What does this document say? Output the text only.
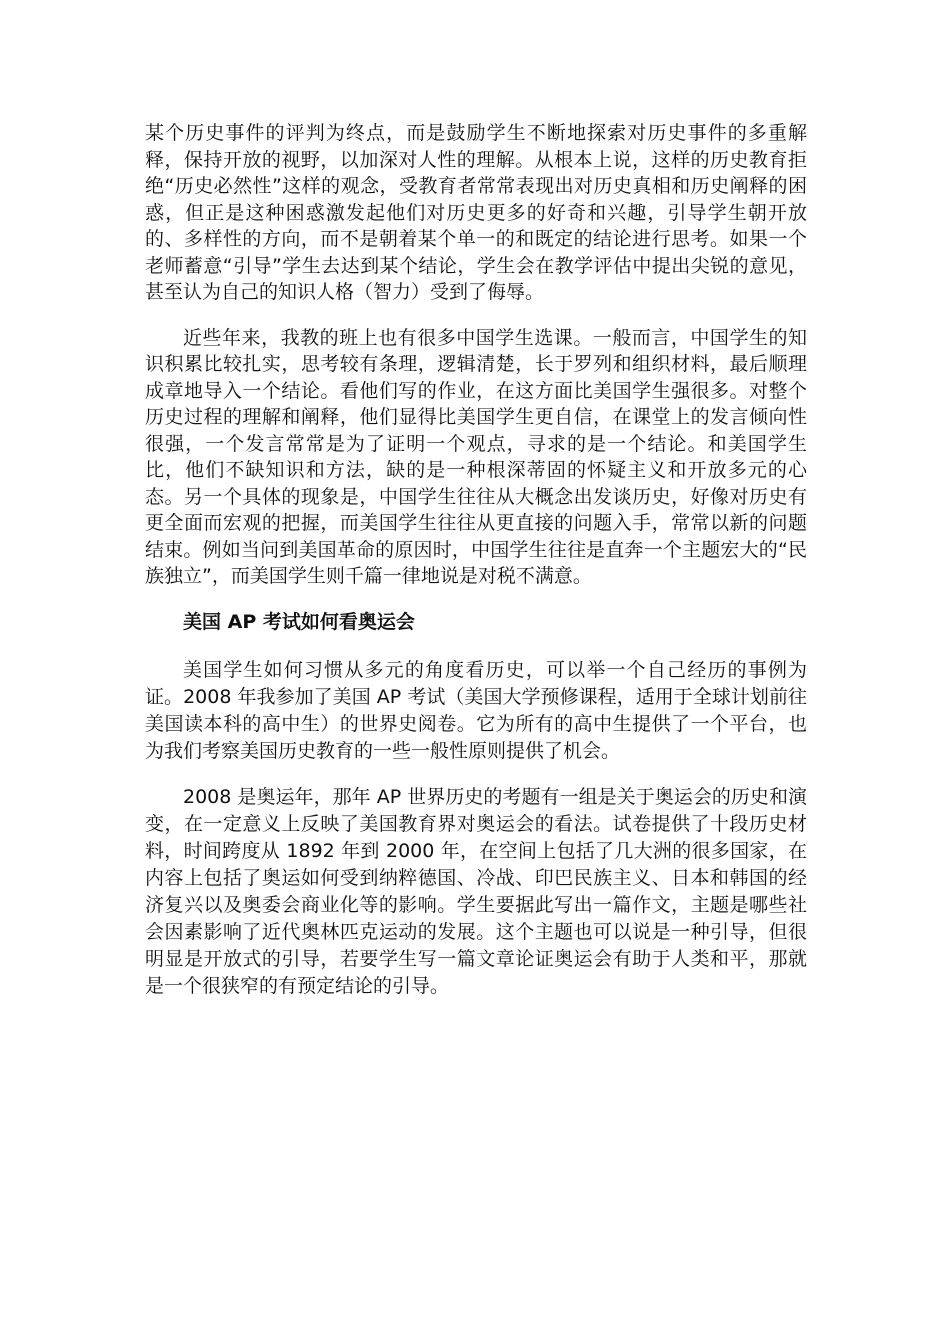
某个历史事件的评判为终点，而是鼓励学生不断地探索对历史事件的多重解释，保持开放的视野，以加深对人性的理解。从根本上说，这样的历史教育拒绝“历史必然性”这样的观念，受教育者常常表现出对历史真相和历史阐释的困惑，但正是这种困惑激发起他们对历史更多的好奇和兴趣，引导学生朝开放的、多样性的方向，而不是朝着某个单一的和既定的结论进行思考。如果一个老师蓄意“引导”学生去达到某个结论，学生会在教学评估中提出尖锐的意见，甚至认为自己的知识人格（智力）受到了侮辱。

近些年来，我教的班上也有很多中国学生选课。一般而言，中国学生的知识积累比较扎实，思考较有条理，逻辑清楚，长于罗列和组织材料，最后顺理成章地导入一个结论。看他们写的作业，在这方面比美国学生强很多。对整个历史过程的理解和阐释，他们显得比美国学生更自信，在课堂上的发言倾向性很强，一个发言常常是为了证明一个观点，寻求的是一个结论。和美国学生比，他们不缺知识和方法，缺的是一种根深蒂固的怀疑主义和开放多元的心态。另一个具体的现象是，中国学生往往从大概念出发谈历史，好像对历史有更全面而宏观的把握，而美国学生往往从更直接的问题入手，常常以新的问题结束。例如当问到美国革命的原因时，中国学生往往是直奔一个主题宏大的“民族独立”，而美国学生则千篇一律地说是对税不满意。

美国 AP 考试如何看奥运会

美国学生如何习惯从多元的角度看历史，可以举一个自己经历的事例为证。2008 年我参加了美国 AP 考试（美国大学预修课程，适用于全球计划前往美国读本科的高中生）的世界史阅卷。它为所有的高中生提供了一个平台，也为我们考察美国历史教育的一些一般性原则提供了机会。

2008 是奥运年，那年 AP 世界历史的考题有一组是关于奥运会的历史和演变，在一定意义上反映了美国教育界对奥运会的看法。试卷提供了十段历史材料，时间跨度从 1892 年到 2000 年，在空间上包括了几大洲的很多国家，在内容上包括了奥运如何受到纳粹德国、冷战、印巴民族主义、日本和韩国的经济复兴以及奥委会商业化等的影响。学生要据此写出一篇作文，主题是哪些社会因素影响了近代奥林匹克运动的发展。这个主题也可以说是一种引导，但很明显是开放式的引导，若要学生写一篇文章论证奥运会有助于人类和平，那就是一个很狭窄的有预定结论的引导。
